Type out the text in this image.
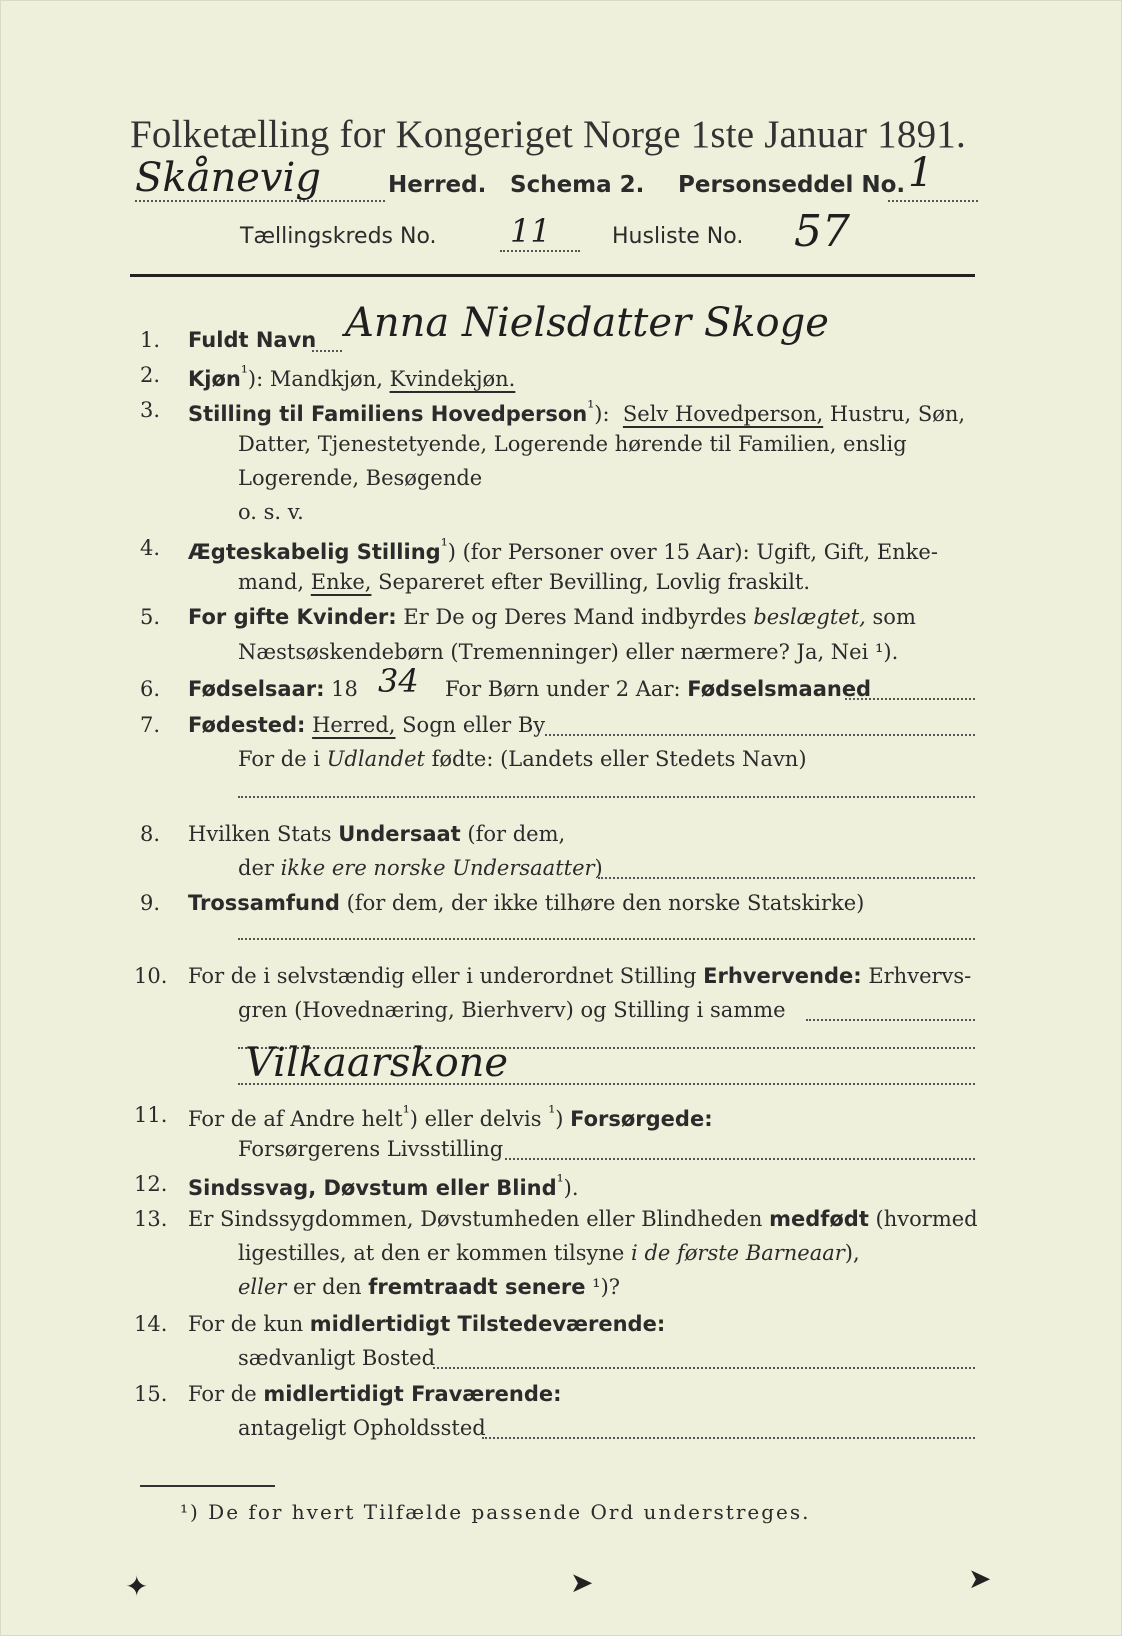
Folketælling for Kongeriget Norge 1ste Januar 1891.
Skånevig	Herred. Schema 2. Personseddel No. 1
Tællingskreds No. 11	Husliste No. 57
1.	Fuldt Navn Anna Nielsdatter Skoge
2.	Kjøn$^{^1}$): Mandkjøn, Kvindekjøn.
3.	Stilling til Familiens Hovedperson$^{^1}$): Selv Hovedperson, Hustru, Søn,
Datter, Tjenestetyende, Logerende hørende til Familien, enslig
Logerende, Besøgende
o. s. v.
4.	Ægteskabelig Stilling$^{^1}$) (for Personer over 15 Aar): Ugift, Gift, Enke-
mand, Enke, Separeret efter Bevilling, Lovlig fraskilt.
5.	For gifte Kvinder: Er De og Deres Mand indbyrdes beslægtet, som
Næstsøskendebørn (Tremenninger) eller nærmere? Ja, Nei ¹).
6.	Fødselsaar: 18 34 For Børn under 2 Aar: Fødselsmaaned
7.	Fødested: Herred, Sogn eller By
For de i Udlandet fødte: (Landets eller Stedets Navn)
8.	Hvilken Stats Undersaat (for dem,
der ikke ere norske Undersaatter)
9.	Trossamfund (for dem, der ikke tilhøre den norske Statskirke)
10. For de i selvstændig eller i underordnet Stilling Erhvervende: Erhvervs-
gren (Hovednæring, Bierhverv) og Stilling i samme
Vilkaarskone
11. For de af Andre helt$^{^1}$) eller delvis $^{^1}$) Forsørgede:
Forsørgerens Livsstilling
12. Sindssvag, Døvstum eller Blind$^{^1}$).
13. Er Sindssygdommen, Døvstumheden eller Blindheden medfødt (hvormed
ligestilles, at den er kommen tilsyne i de første Barneaar),
eller er den fremtraadt senere ¹)?
14. For de kun midlertidigt Tilstedeværende:
sædvanligt Bosted
15. For de midlertidigt Fraværende:
antageligt Opholdssted
¹) De for hvert Tilfælde passende Ord understreges.
✦	➤	➤
